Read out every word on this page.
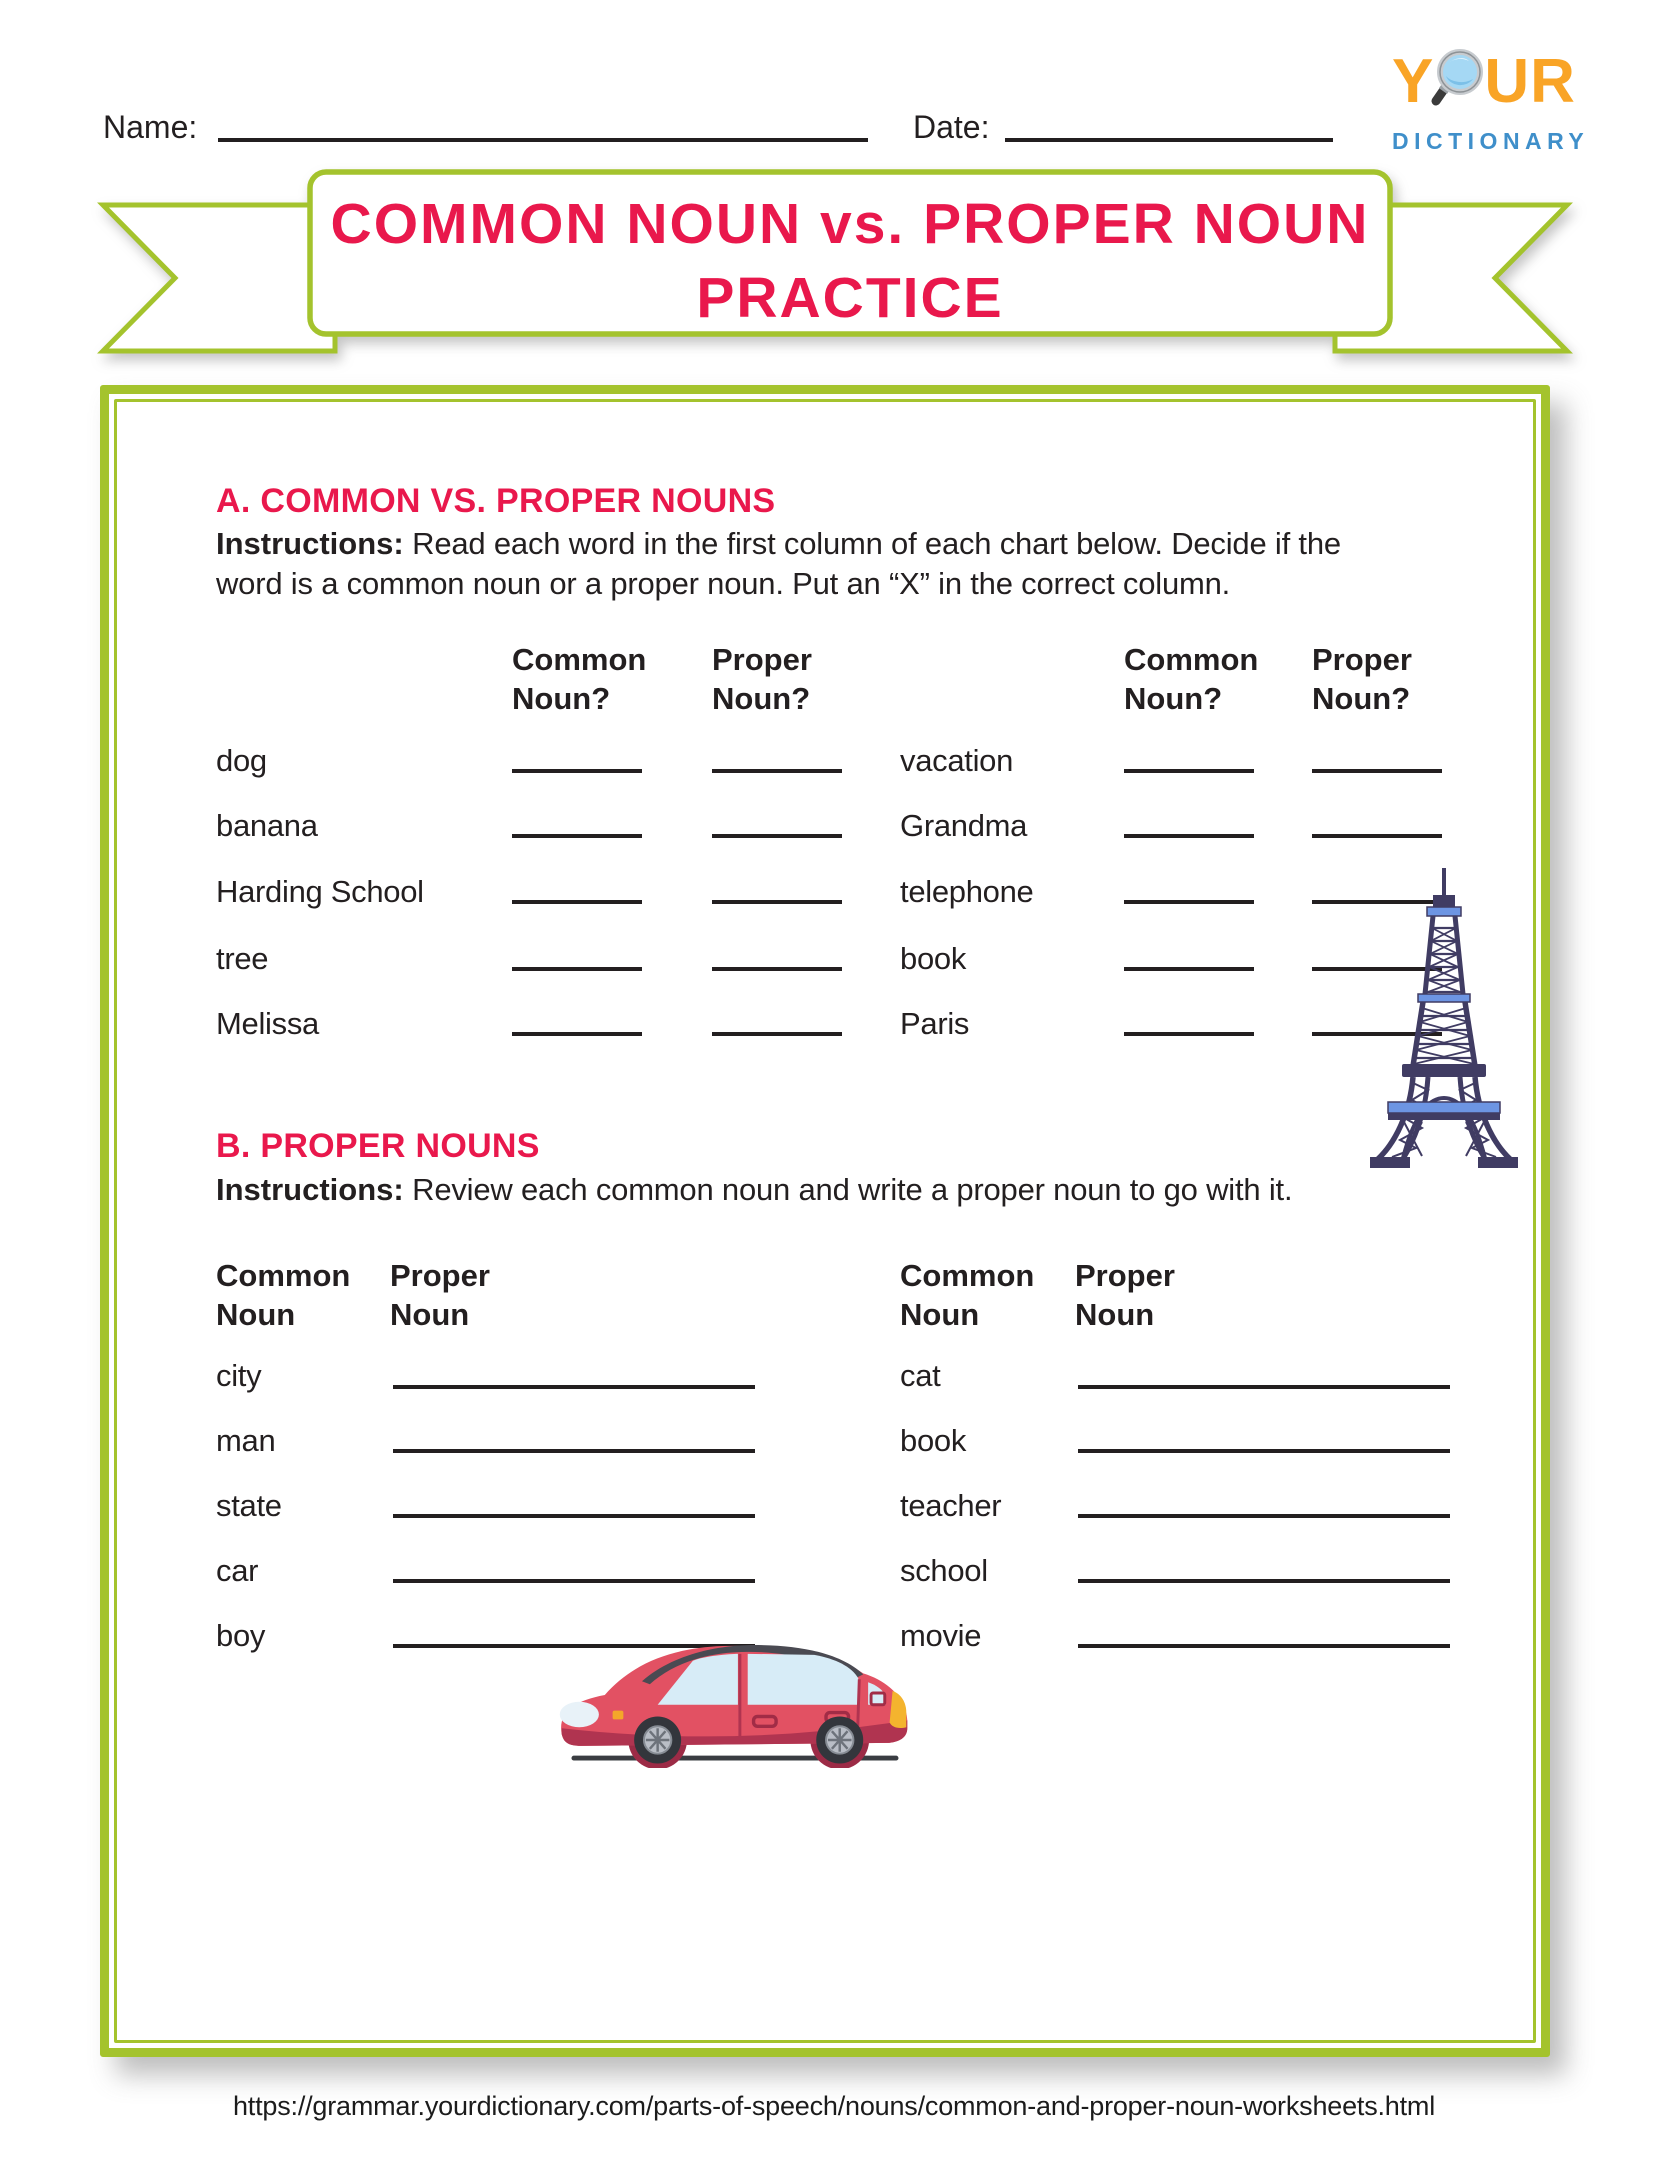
Name:	Date:
Y UR
DICTIONARY
COMMON NOUN vs. PROPER NOUN
PRACTICE
A. COMMON VS. PROPER NOUNS
Instructions: Read each word in the first column of each chart below. Decide if the word is a common noun or a proper noun. Put an “X” in the correct column.
Common Noun?
Proper Noun?
Common Noun?
Proper Noun?
dog
banana
Harding School
tree
Melissa
vacation
Grandma
telephone
book
Paris
B. PROPER NOUNS
Instructions: Review each common noun and write a proper noun to go with it.
Common Noun
Proper Noun
Common Noun
Proper Noun
city
man
state
car
boy
cat
book
teacher
school
movie
https://grammar.yourdictionary.com/parts-of-speech/nouns/common-and-proper-noun-worksheets.html
